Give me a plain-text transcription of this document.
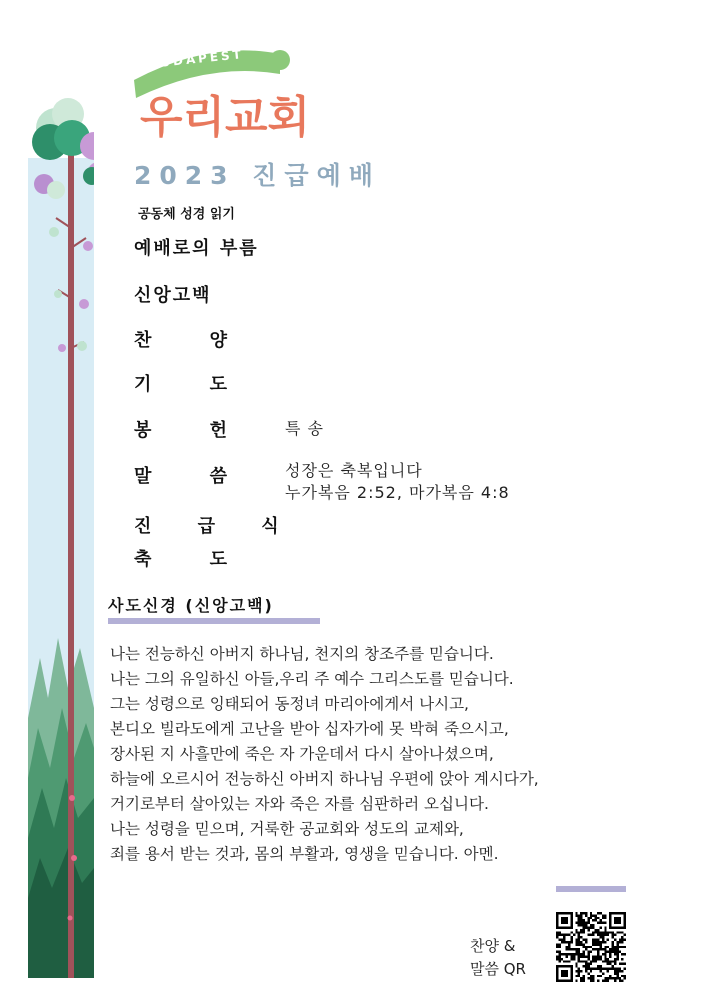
우리교회
BUDAPEST
2023 진급예배
공동체 성경 읽기
예배로의 부름
신앙고백
찬 양
기 도
봉 헌 특 송
말 씀 성장은 축복입니다
누가복음 2:52, 마가복음 4:8
진 급 식
축 도
사도신경 (신앙고백)
나는 전능하신 아버지 하나님, 천지의 창조주를 믿습니다.
나는 그의 유일하신 아들,우리 주 예수 그리스도를 믿습니다.
그는 성령으로 잉태되어 동정녀 마리아에게서 나시고,
본디오 빌라도에게 고난을 받아 십자가에 못 박혀 죽으시고,
장사된 지 사흘만에 죽은 자 가운데서 다시 살아나셨으며,
하늘에 오르시어 전능하신 아버지 하나님 우편에 앉아 계시다가,
거기로부터 살아있는 자와 죽은 자를 심판하러 오십니다.
나는 성령을 믿으며, 거룩한 공교회와 성도의 교제와,
죄를 용서 받는 것과, 몸의 부활과, 영생을 믿습니다. 아멘.
찬양 &
말씀 QR
